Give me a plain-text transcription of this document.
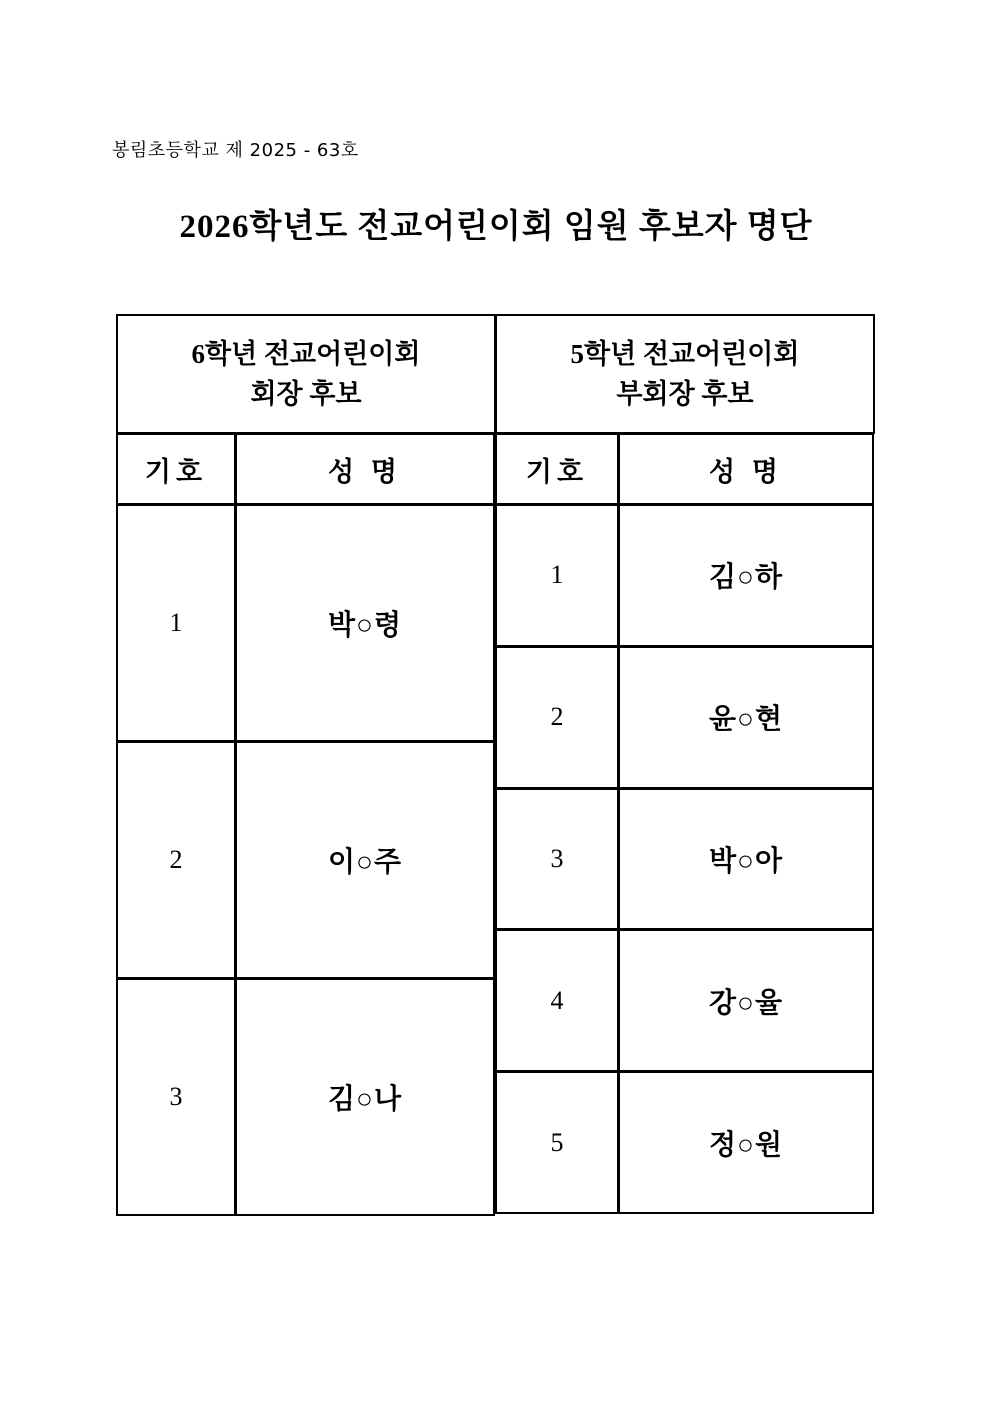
봉림초등학교 제 2025 - 63호
2026학년도 전교어린이회 임원 후보자 명단
6학년 전교어린이회
회장 후보
기호	성 명
1	박○령
2	이○주
3	김○나
5학년 전교어린이회
부회장 후보
기호	성 명
1	김○하
2	윤○현
3	박○아
4	강○율
5	정○원
